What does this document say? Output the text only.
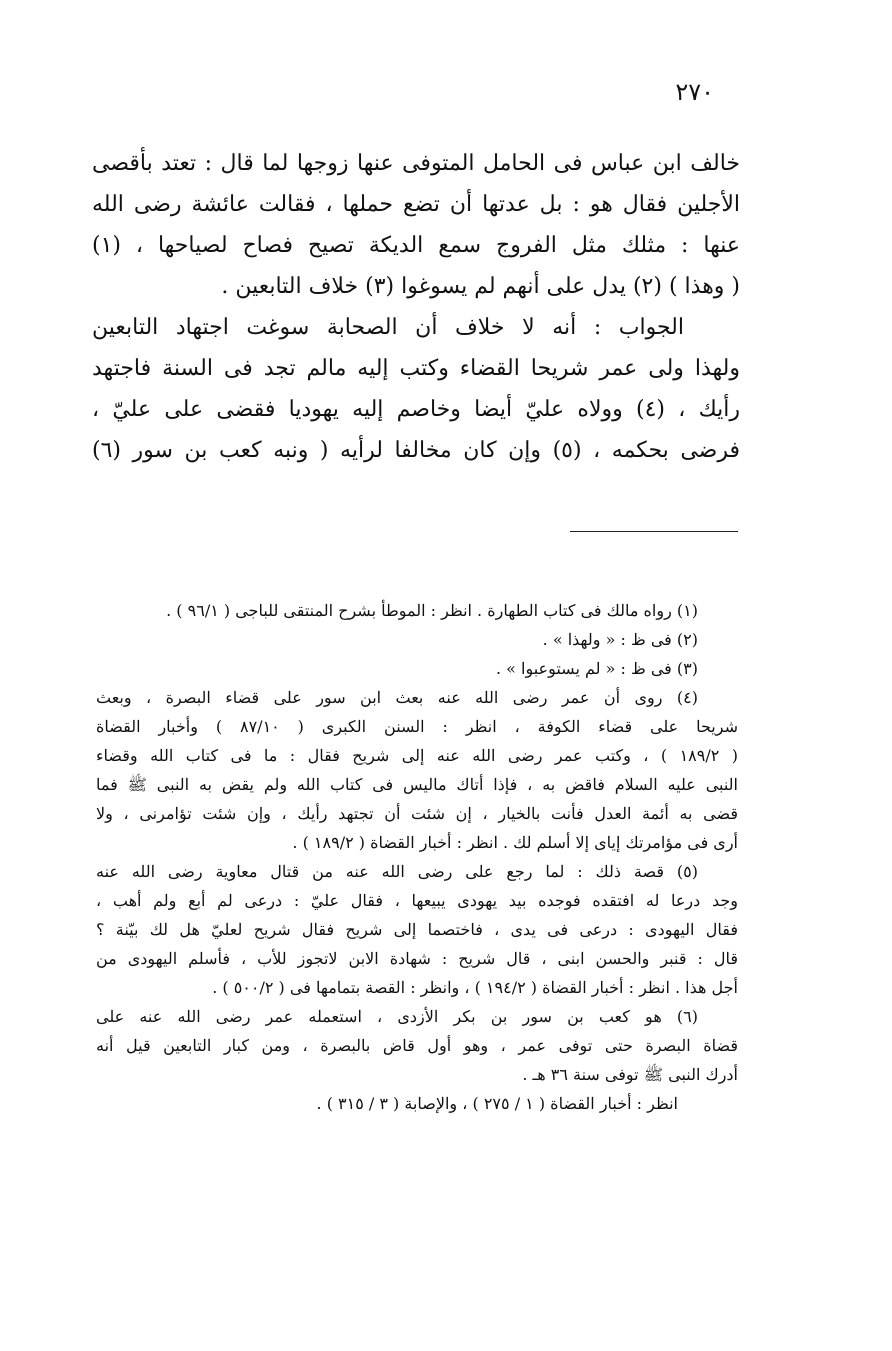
٢٧٠
خالف ابن عباس فى الحامل المتوفى عنها زوجها لما قال : تعتد بأقصى
الأجلين فقال هو : بل عدتها أن تضع حملها ، فقالت عائشة رضى الله
عنها : مثلك مثل الفروج سمع الديكة تصيح فصاح لصياحها ، (١)
( وهذا ) (٢) يدل على أنهم لم يسوغوا (٣) خلاف التابعين .
الجواب : أنه لا خلاف أن الصحابة سوغت اجتهاد التابعين
ولهذا ولى عمر شريحا القضاء وكتب إليه مالم تجد فى السنة فاجتهد
رأيك ، (٤) وولاه عليّ أيضا وخاصم إليه يهوديا فقضى على عليّ ،
فرضى بحكمه ، (٥) وإن كان مخالفا لرأيه ( ونبه كعب بن سور (٦)
(١) رواه مالك فى كتاب الطهارة . انظر : الموطأ بشرح المنتقى للباجى ( ٩٦/١ ) .
(٢) فى ظ : « ولهذا » .
(٣) فى ظ : « لم يستوعبوا » .
(٤) روى أن عمر رضى الله عنه بعث ابن سور على قضاء البصرة ، وبعث
شريحا على قضاء الكوفة ، انظر : السنن الكبرى ( ٨٧/١٠ ) وأخبار القضاة
( ١٨٩/٢ ) ، وكتب عمر رضى الله عنه إلى شريح فقال : ما فى كتاب الله وقضاء
النبى عليه السلام فاقض به ، فإذا أتاك ماليس فى كتاب الله ولم يقض به النبى ﷺ فما
قضى به أئمة العدل فأنت بالخيار ، إن شئت أن تجتهد رأيك ، وإن شئت تؤامرنى ، ولا
أرى فى مؤامرتك إياى إلا أسلم لك . انظر : أخبار القضاة ( ١٨٩/٢ ) .
(٥) قصة ذلك : لما رجع على رضى الله عنه من قتال معاوية رضى الله عنه
وجد درعا له افتقده فوجده بيد يهودى يبيعها ، فقال عليّ : درعى لم أبع ولم أهب ،
فقال اليهودى : درعى فى يدى ، فاختصما إلى شريح فقال شريح لعليّ هل لك بيّنة ؟
قال : قنبر والحسن ابنى ، قال شريح : شهادة الابن لاتجوز للأب ، فأسلم اليهودى من
أجل هذا . انظر : أخبار القضاة ( ١٩٤/٢ ) ، وانظر : القصة بتمامها فى ( ٥٠٠/٢ ) .
(٦) هو كعب بن سور بن بكر الأزدى ، استعمله عمر رضى الله عنه على
قضاة البصرة حتى توفى عمر ، وهو أول قاض بالبصرة ، ومن كبار التابعين قيل أنه
أدرك النبى ﷺ توفى سنة ٣٦ هـ .
انظر : أخبار القضاة ( ١ / ٢٧٥ ) ، والإصابة ( ٣ / ٣١٥ ) .
